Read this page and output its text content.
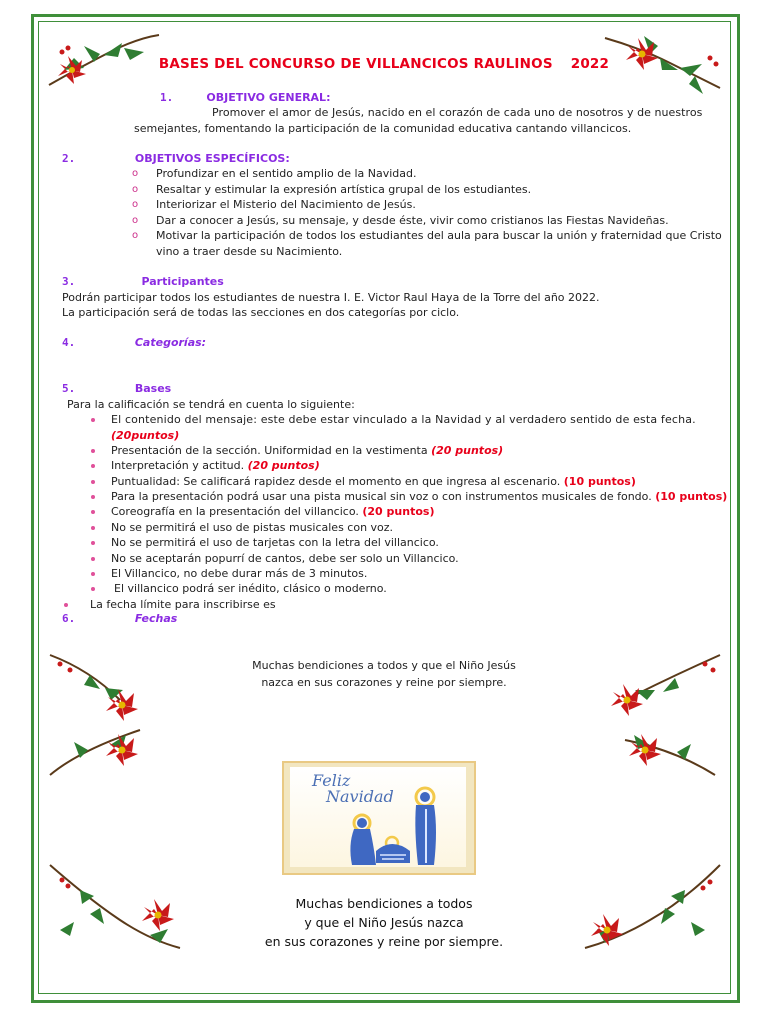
BASES DEL CONCURSO DE VILLANCICOS RAULINOS 2022
1.	OBJETIVO GENERAL:
Promover el amor de Jesús, nacido en el corazón de cada uno de nosotros y de nuestros
semejantes, fomentando la participación de la comunidad educativa cantando villancicos.
2.	OBJETIVOS ESPECÍFICOS:
o Profundizar en el sentido amplio de la Navidad.
o Resaltar y estimular la expresión artística grupal de los estudiantes.
o Interiorizar el Misterio del Nacimiento de Jesús.
o Dar a conocer a Jesús, su mensaje, y desde éste, vivir como cristianos las Fiestas Navideñas.
o Motivar la participación de todos los estudiantes del aula para buscar la unión y fraternidad que Cristo
vino a traer desde su Nacimiento.
3.	Participantes
Podrán participar todos los estudiantes de nuestra I. E. Victor Raul Haya de la Torre del año 2022.
La participación será de todas las secciones en dos categorías por ciclo.
4.	Categorías:
5.	Bases
Para la calificación se tendrá en cuenta lo siguiente:
El contenido del mensaje: este debe estar vinculado a la Navidad y al verdadero sentido de esta fecha.
(20puntos)
Presentación de la sección. Uniformidad en la vestimenta (20 puntos)
Interpretación y actitud. (20 puntos)
Puntualidad: Se calificará rapidez desde el momento en que ingresa al escenario. (10 puntos)
Para la presentación podrá usar una pista musical sin voz o con instrumentos musicales de fondo. (10 puntos)
Coreografía en la presentación del villancico. (20 puntos)
No se permitirá el uso de pistas musicales con voz.
No se permitirá el uso de tarjetas con la letra del villancico.
No se aceptarán popurrí de cantos, debe ser solo un Villancico.
El Villancico, no debe durar más de 3 minutos.
El villancico podrá ser inédito, clásico o moderno.
La fecha límite para inscribirse es
6.	Fechas
Muchas bendiciones a todos y que el Niño Jesús
nazca en sus corazones y reine por siempre.
Feliz
Navidad
Muchas bendiciones a todos
y que el Niño Jesús nazca
en sus corazones y reine por siempre.
